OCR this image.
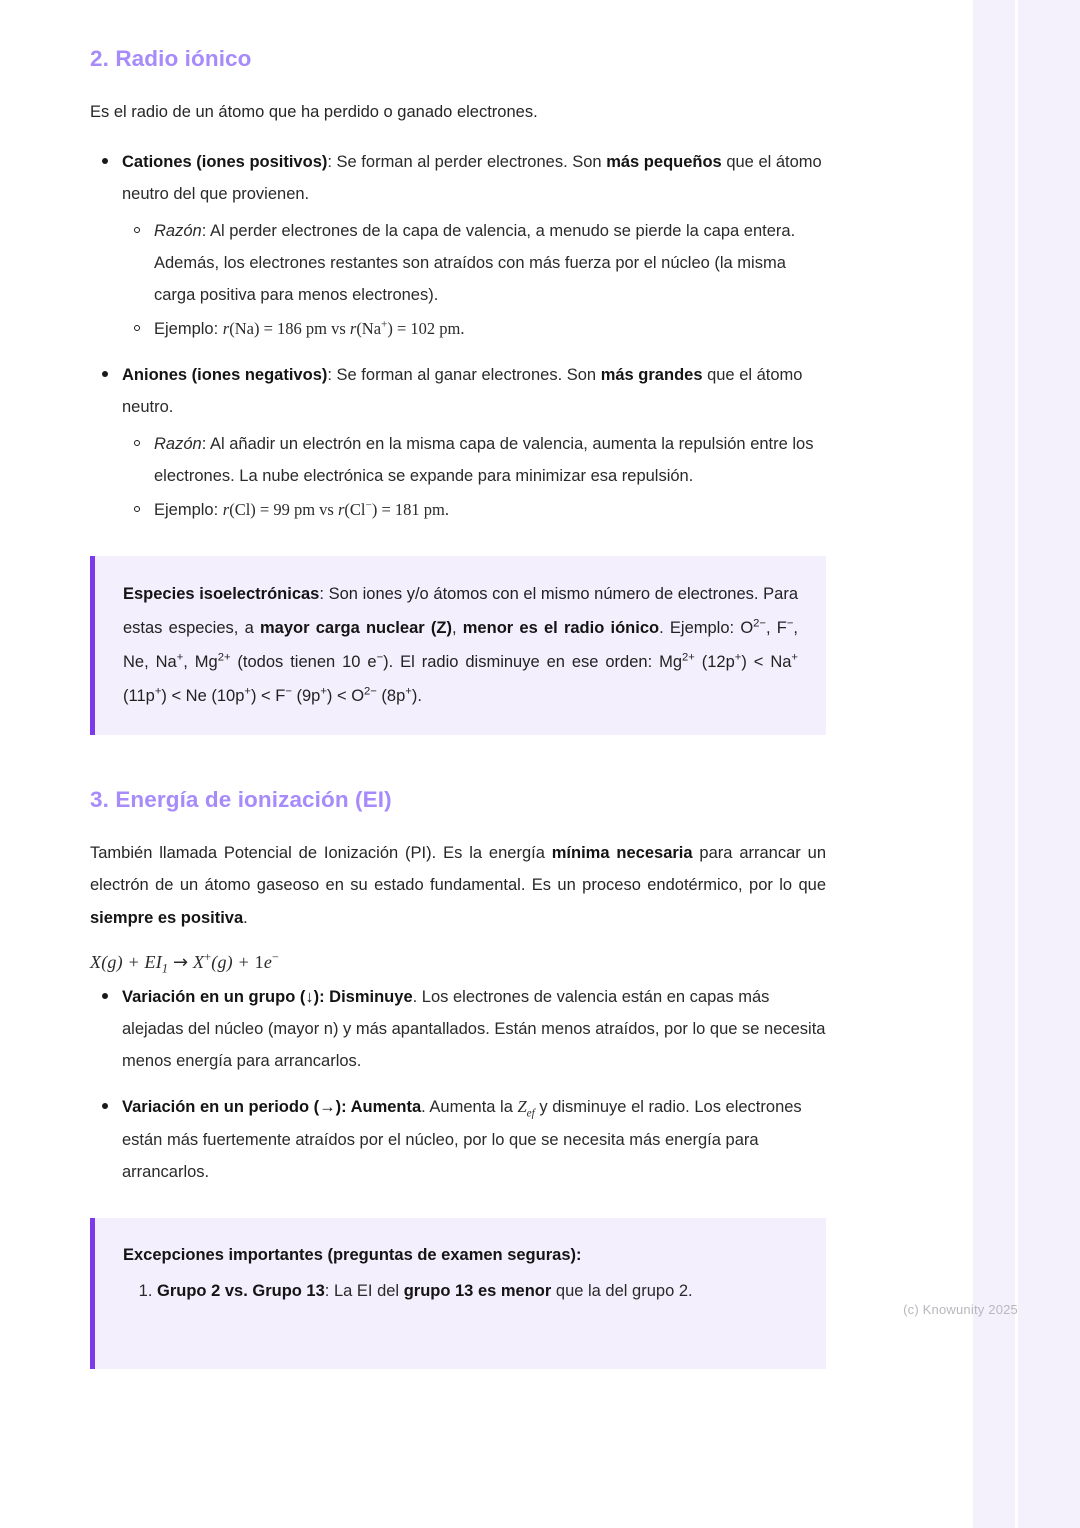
2. Radio iónico

Es el radio de un átomo que ha perdido o ganado electrones.

Cationes (iones positivos): Se forman al perder electrones. Son más pequeños que el átomo neutro del que provienen.
Razón: Al perder electrones de la capa de valencia, a menudo se pierde la capa entera. Además, los electrones restantes son atraídos con más fuerza por el núcleo (la misma carga positiva para menos electrones).
Ejemplo: r(Na) = 186 pm vs r(Na+) = 102 pm.
Aniones (iones negativos): Se forman al ganar electrones. Son más grandes que el átomo neutro.
Razón: Al añadir un electrón en la misma capa de valencia, aumenta la repulsión entre los electrones. La nube electrónica se expande para minimizar esa repulsión.
Ejemplo: r(Cl) = 99 pm vs r(Cl−) = 181 pm.

Especies isoelectrónicas: Son iones y/o átomos con el mismo número de electrones. Para estas especies, a mayor carga nuclear (Z), menor es el radio iónico. Ejemplo: $O^{2-}$, F−, Ne, Na+, $Mg^{2+}$ (todos tienen 10 e−). El radio disminuye en ese orden: $Mg^{2+}$ (12p+) < Na+ (11p+) < Ne (10p+) < F− $(9p^+) < O^{2-}$ (8p+).

3. Energía de ionización (EI)

También llamada Potencial de Ionización (PI). Es la energía mínima necesaria para arrancar un electrón de un átomo gaseoso en su estado fundamental. Es un proceso endotérmico, por lo que siempre es positiva.

$X(g) + EI_1 \to X^+(g) + 1e^-$
Variación en un grupo (↓): Disminuye. Los electrones de valencia están en capas más alejadas del núcleo (mayor n) y más apantallados. Están menos atraídos, por lo que se necesita menos energía para arrancarlos.
Variación en un periodo (→): Aumenta. Aumenta la $Z_{ef}$ y disminuye el radio. Los electrones están más fuertemente atraídos por el núcleo, por lo que se necesita más energía para arrancarlos.
Excepciones importantes (preguntas de examen seguras):
1. Grupo 2 vs. Grupo 13: La EI del grupo 13 es menor que la del grupo 2.
(c) Knowunity 2025
